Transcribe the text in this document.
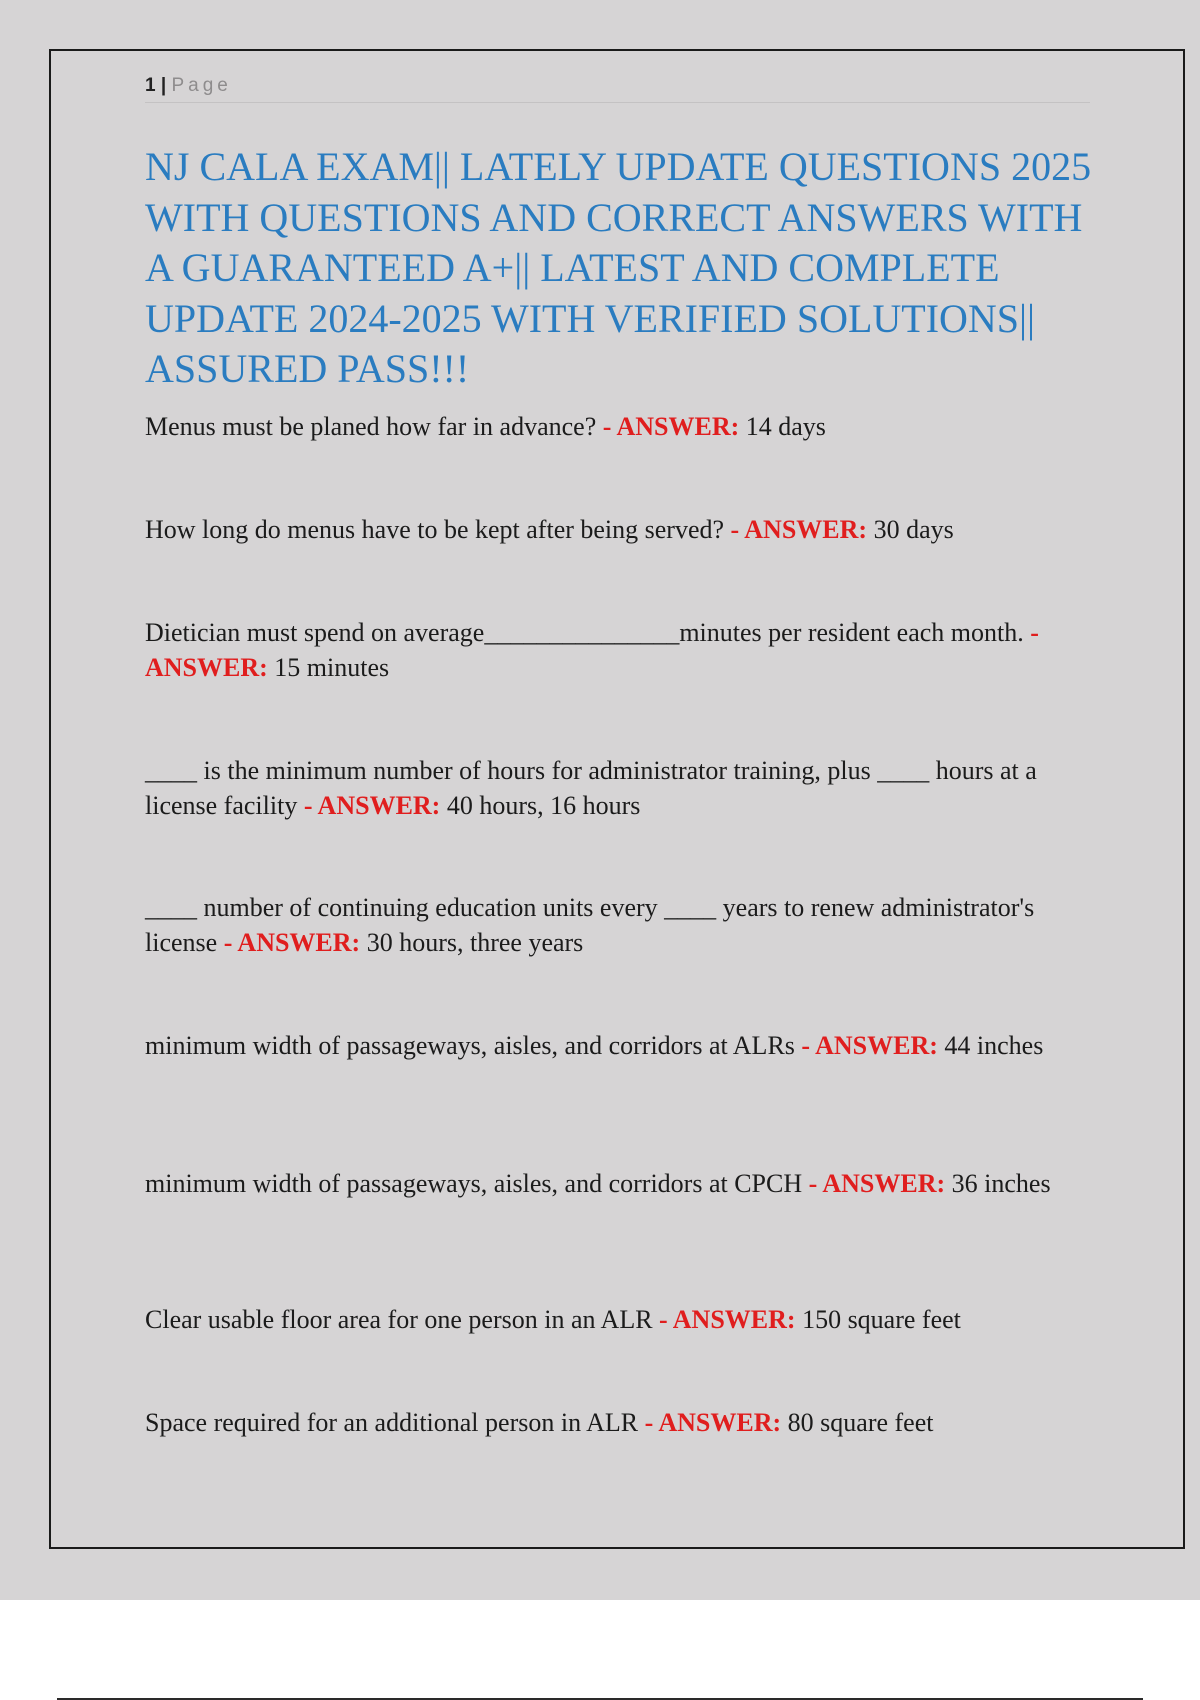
1 | Page
NJ CALA EXAM|| LATELY UPDATE QUESTIONS 2025 WITH QUESTIONS AND CORRECT ANSWERS WITH A GUARANTEED A+|| LATEST AND COMPLETE UPDATE 2024-2025 WITH VERIFIED SOLUTIONS|| ASSURED PASS!!!
Menus must be planed how far in advance? - ANSWER: 14 days
How long do menus have to be kept after being served? - ANSWER: 30 days
Dietician must spend on average_______________minutes per resident each month. - ANSWER: 15 minutes
____ is the minimum number of hours for administrator training, plus ____ hours at a license facility - ANSWER: 40 hours, 16 hours
____ number of continuing education units every ____ years to renew administrator's license - ANSWER: 30 hours, three years
minimum width of passageways, aisles, and corridors at ALRs - ANSWER: 44 inches
minimum width of passageways, aisles, and corridors at CPCH - ANSWER: 36 inches
Clear usable floor area for one person in an ALR - ANSWER: 150 square feet
Space required for an additional person in ALR - ANSWER: 80 square feet
